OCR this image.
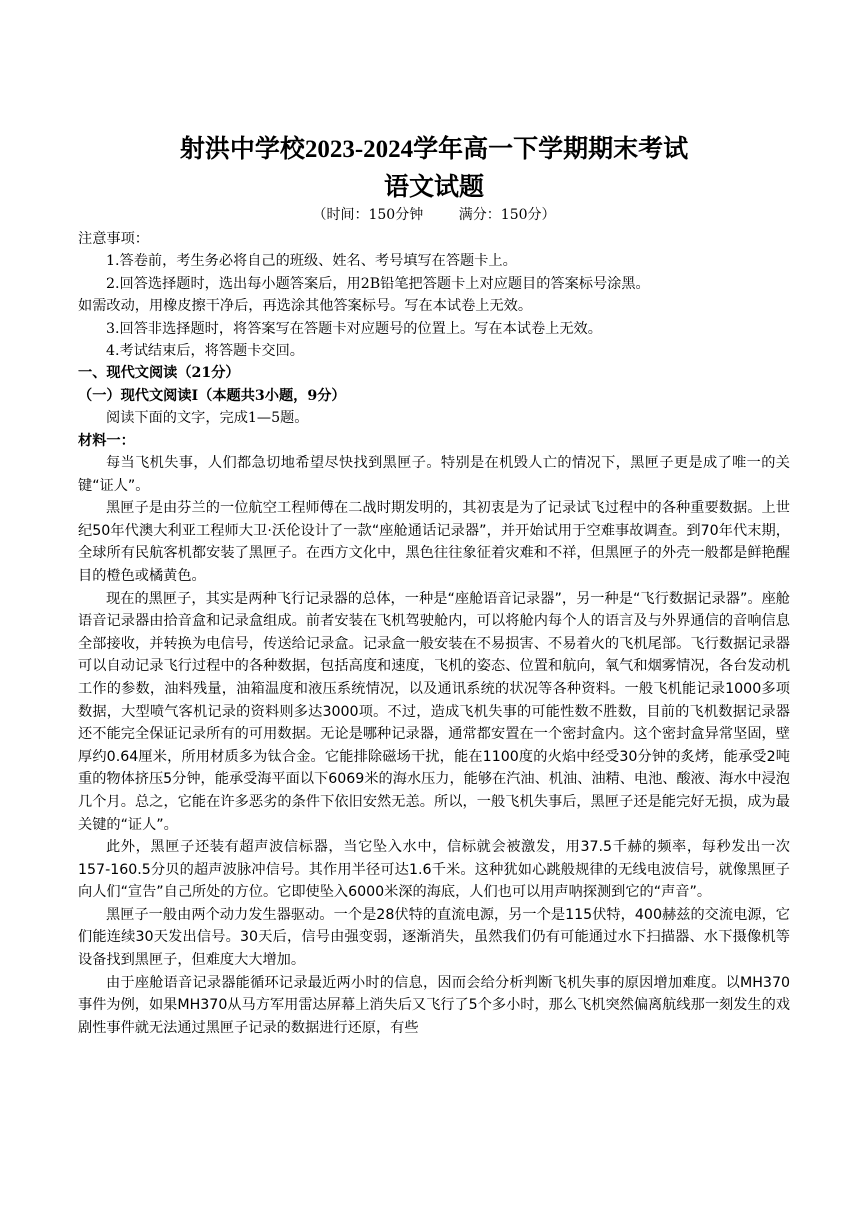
射洪中学校2023-2024学年高一下学期期末考试
语文试题
（时间：150分钟        满分：150分）
注意事项：
1.答卷前，考生务必将自己的班级、姓名、考号填写在答题卡上。
2.回答选择题时，选出每小题答案后，用2B铅笔把答题卡上对应题目的答案标号涂黑。
如需改动，用橡皮擦干净后，再选涂其他答案标号。写在本试卷上无效。
3.回答非选择题时，将答案写在答题卡对应题号的位置上。写在本试卷上无效。
4.考试结束后，将答题卡交回。
一、现代文阅读（21分）
（一）现代文阅读Ⅰ（本题共3小题，9分）
阅读下面的文字，完成1—5题。
材料一：

每当飞机失事，人们都急切地希望尽快找到黑匣子。特别是在机毁人亡的情况下，黑匣子更是成了唯一的关键“证人”。

黑匣子是由芬兰的一位航空工程师傅在二战时期发明的，其初衷是为了记录试飞过程中的各种重要数据。上世纪50年代澳大利亚工程师大卫·沃伦设计了一款“座舱通话记录器”，并开始试用于空难事故调查。到70年代末期，全球所有民航客机都安装了黑匣子。在西方文化中，黑色往往象征着灾难和不祥，但黑匣子的外壳一般都是鲜艳醒目的橙色或橘黄色。

现在的黑匣子，其实是两种飞行记录器的总体，一种是“座舱语音记录器”，另一种是“飞行数据记录器”。座舱语音记录器由拾音盒和记录盒组成。前者安装在飞机驾驶舱内，可以将舱内每个人的语言及与外界通信的音响信息全部接收，并转换为电信号，传送给记录盒。记录盒一般安装在不易损害、不易着火的飞机尾部。飞行数据记录器可以自动记录飞行过程中的各种数据，包括高度和速度，飞机的姿态、位置和航向，氧气和烟雾情况，各台发动机工作的参数，油料残量，油箱温度和液压系统情况，以及通讯系统的状况等各种资料。一般飞机能记录1000多项数据，大型喷气客机记录的资料则多达3000项。不过，造成飞机失事的可能性数不胜数，目前的飞机数据记录器还不能完全保证记录所有的可用数据。无论是哪种记录器，通常都安置在一个密封盒内。这个密封盒异常坚固，壁厚约0.64厘米，所用材质多为钛合金。它能排除磁场干扰，能在1100度的火焰中经受30分钟的炙烤，能承受2吨重的物体挤压5分钟，能承受海平面以下6069米的海水压力，能够在汽油、机油、油精、电池、酸液、海水中浸泡几个月。总之，它能在许多恶劣的条件下依旧安然无恙。所以，一般飞机失事后，黑匣子还是能完好无损，成为最关键的“证人”。

此外，黑匣子还装有超声波信标器，当它坠入水中，信标就会被激发，用37.5千赫的频率，每秒发出一次157-160.5分贝的超声波脉冲信号。其作用半径可达1.6千米。这种犹如心跳般规律的无线电波信号，就像黑匣子向人们“宣告”自己所处的方位。它即使坠入6000米深的海底，人们也可以用声呐探测到它的“声音”。

黑匣子一般由两个动力发生器驱动。一个是28伏特的直流电源，另一个是115伏特，400赫兹的交流电源，它们能连续30天发出信号。30天后，信号由强变弱，逐渐消失，虽然我们仍有可能通过水下扫描器、水下摄像机等设备找到黑匣子，但难度大大增加。

由于座舱语音记录器能循环记录最近两小时的信息，因而会给分析判断飞机失事的原因增加难度。以MH370事件为例，如果MH370从马方军用雷达屏幕上消失后又飞行了5个多小时，那么飞机突然偏离航线那一刻发生的戏剧性事件就无法通过黑匣子记录的数据进行还原，有些
